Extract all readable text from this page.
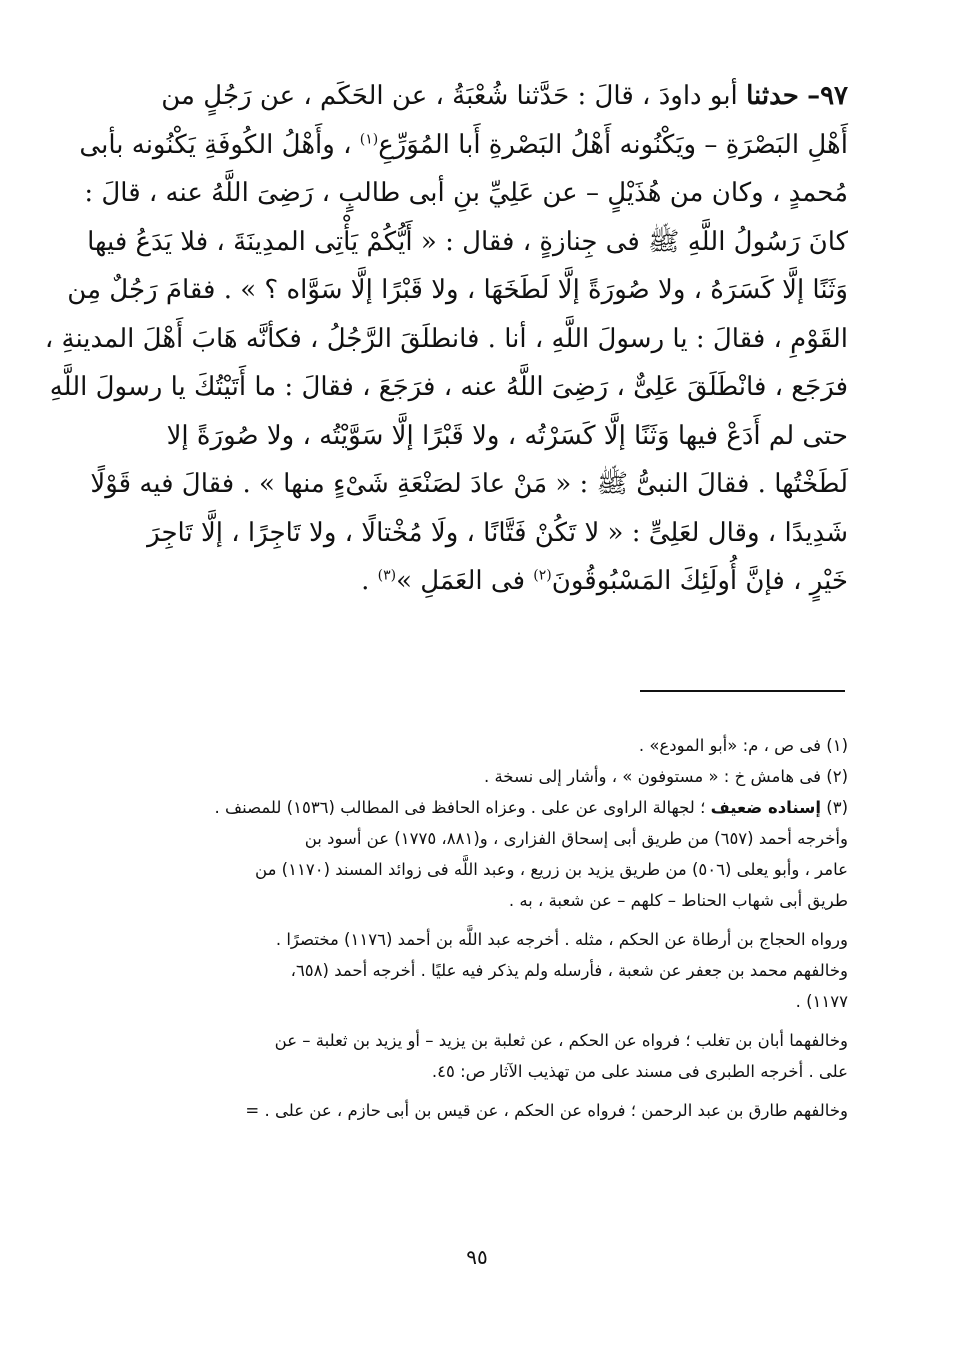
٩٧– حدثنا أبو داودَ ، قالَ : حَدَّثنا شُعْبَةُ ، عن الحَكَم ، عن رَجُلٍ من
أَهْلِ البَصْرَةِ – ويَكْنُونه أَهْلُ البَصْرةِ أَبا المُوَرِّعِ$^{(١)}$ ، وأَهْلُ الكُوفَةِ يَكْنُونه بأبى
مُحمدٍ ، وكان من هُذَيْلٍ – عن عَلِيِّ بنِ أبى طالبٍ ، رَضِىَ اللَّهُ عنه ، قالَ :
كانَ رَسُولُ اللَّهِ ﷺ فى جِنازةٍ ، فقال : « أَيُّكُمْ يَأْتِى المدِينَةَ ، فلا يَدَعُ فيها
وَثَنًا إلَّا كَسَرَهُ ، ولا صُورَةً إلَّا لَطَخَهَا ، ولا قَبْرًا إلَّا سَوَّاه ؟ » . فقامَ رَجُلٌ مِن
القَوْمِ ، فقالَ : يا رسولَ اللَّهِ ، أنا . فانطلَقَ الرَّجُلُ ، فكأنَّه هَابَ أَهْلَ المدينةِ ،
فرَجَع ، فانْطَلَقَ عَلِىٌّ ، رَضِىَ اللَّهُ عنه ، فرَجَعَ ، فقالَ : ما أَتَيْتُكَ يا رسولَ اللَّهِ
حتى لم أَدَعْ فيها وَثَنًا إلَّا كَسَرْتُه ، ولا قَبْرًا إلَّا سَوَّيْتُه ، ولا صُورَةً إلا
لَطَخْتُها . فقالَ النبىُّ ﷺ : « مَنْ عادَ لصَنْعَةِ شَىْءٍ منها » . فقالَ فيه قَوْلًا
شَدِيدًا ، وقال لعَلِىٍّ : « لا تَكُنْ فَتَّانًا ، ولَا مُخْتالًا ، ولا تَاجِرًا ، إلَّا تَاجِرَ
خَيْرٍ ، فإنَّ أُولَئِكَ المَسْبُوقُونَ$^{(٢)}$ فى العَمَلِ »$^{(٣)}$ .
(١) فى ص ، م: «أبو المودع» .
(٢) فى هامش خ : « مستوفون » ، وأشار إلى نسخة .
(٣) إسناده ضعيف ؛ لجهالة الراوى عن على . وعزاه الحافظ فى المطالب (١٥٣٦) للمصنف .
وأخرجه أحمد (٦٥٧) من طريق أبى إسحاق الفزارى ، و(٨٨١، ١٧٧٥) عن أسود بن
عامر ، وأبو يعلى (٥٠٦) من طريق يزيد بن زريع ، وعبد اللَّه فى زوائد المسند (١١٧٠) من
طريق أبى شهاب الحناط – كلهم – عن شعبة ، به .
ورواه الحجاج بن أرطاة عن الحكم ، مثله . أخرجه عبد اللَّه بن أحمد (١١٧٦) مختصرًا .
وخالفهم محمد بن جعفر عن شعبة ، فأرسله ولم يذكر فيه عليًا . أخرجه أحمد (٦٥٨،
١١٧٧) .
وخالفهما أبان بن تغلب ؛ فرواه عن الحكم ، عن ثعلبة بن يزيد – أو يزيد بن ثعلبة – عن
على . أخرجه الطبرى فى مسند على من تهذيب الآثار ص: ٤٥.
وخالفهم طارق بن عبد الرحمن ؛ فرواه عن الحكم ، عن قيس بن أبى حازم ، عن على . =
٩٥
